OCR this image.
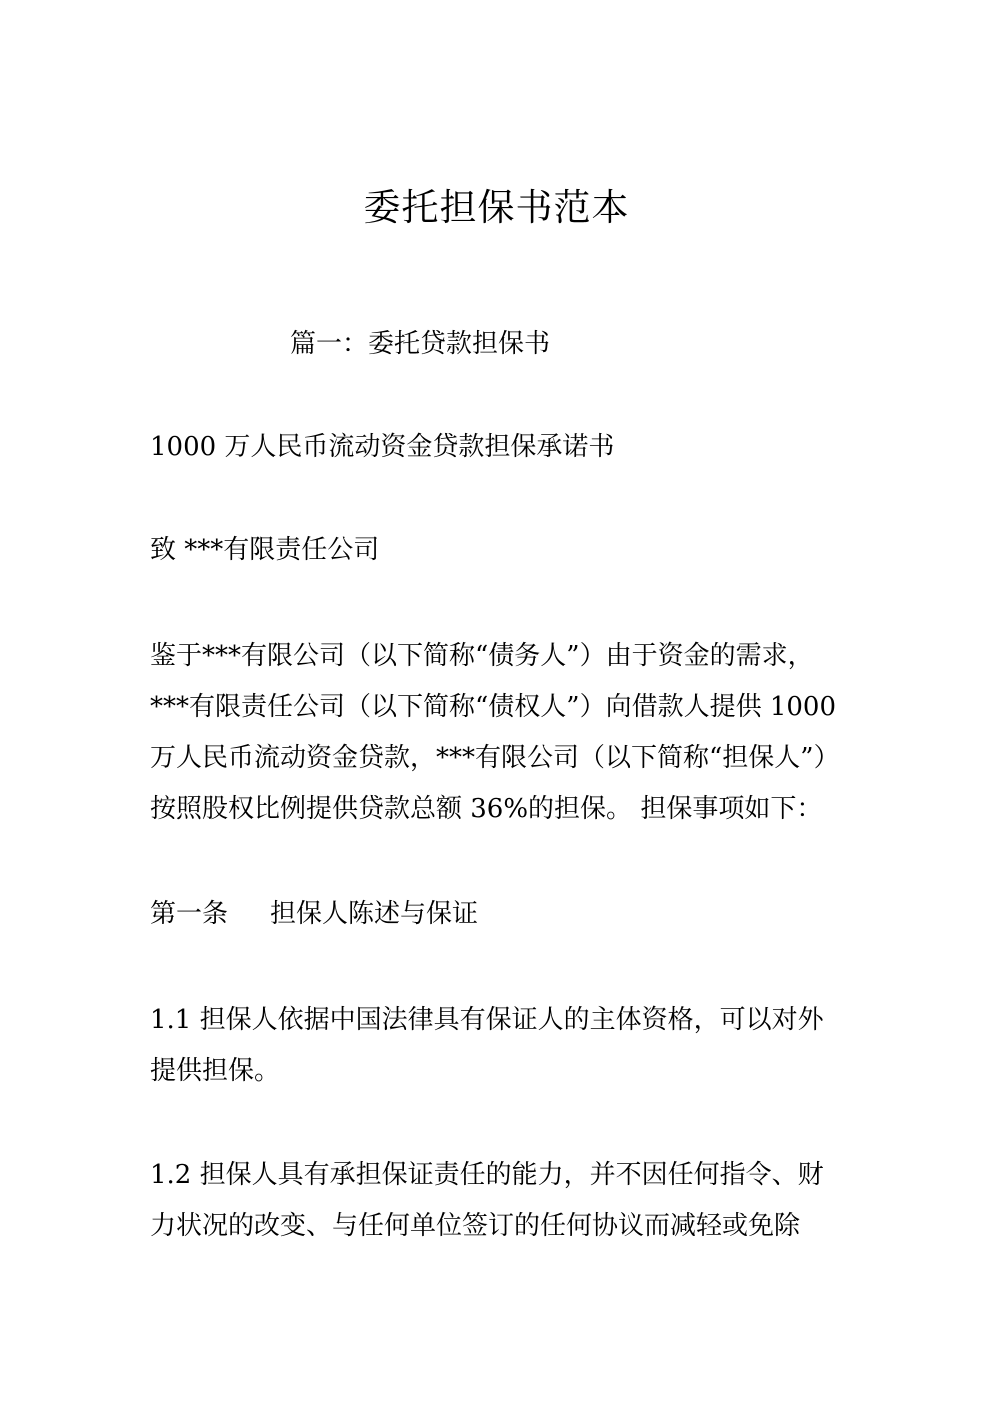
委托担保书范本
篇一：委托贷款担保书
1000 万人民币流动资金贷款担保承诺书
致 ***有限责任公司
鉴于***有限公司（以下简称“债务人”）由于资金的需求，
***有限责任公司（以下简称“债权人”）向借款人提供 1000
万人民币流动资金贷款，***有限公司（以下简称“担保人”）
按照股权比例提供贷款总额 36%的担保。 担保事项如下：
第一条 担保人陈述与保证
1.1 担保人依据中国法律具有保证人的主体资格，可以对外
提供担保。
1.2 担保人具有承担保证责任的能力，并不因任何指令、财
力状况的改变、与任何单位签订的任何协议而减轻或免除
